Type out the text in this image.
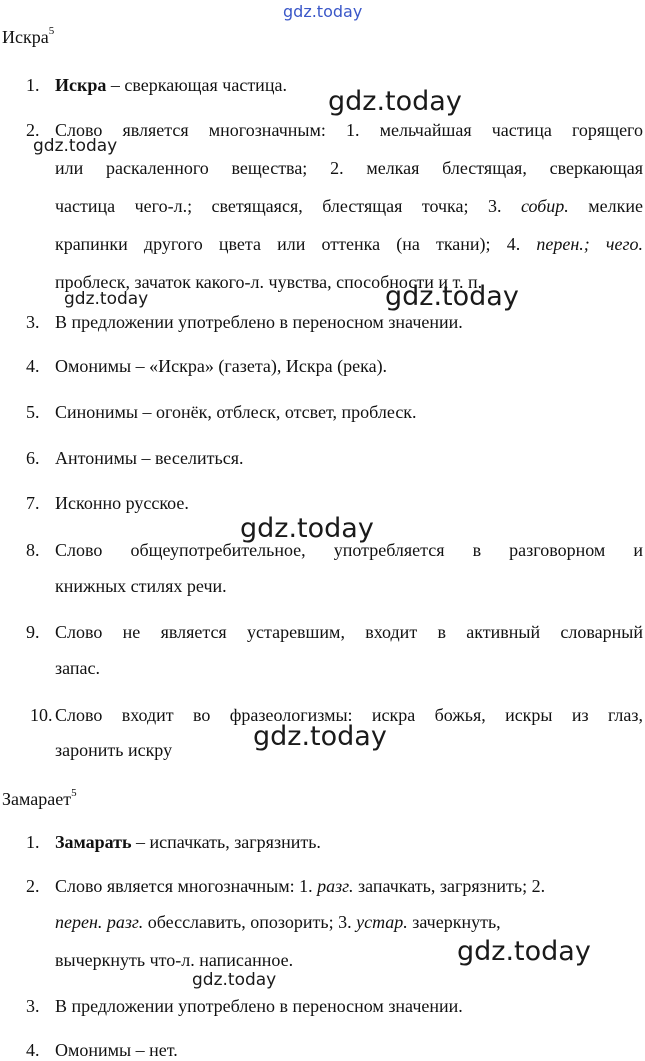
gdz.today
Искра$^5$
1. Искра – сверкающая частица.
2. Слово является многозначным: 1. мельчайшая частица горящего
или раскаленного вещества; 2. мелкая блестящая, сверкающая
частица чего-л.; светящаяся, блестящая точка; 3. собир. мелкие
крапинки другого цвета или оттенка (на ткани); 4. перен.; чего.
проблеск, зачаток какого-л. чувства, способности и т. п.
3. В предложении употреблено в переносном значении.
4. Омонимы – «Искра» (газета), Искра (река).
5. Синонимы – огонёк, отблеск, отсвет, проблеск.
6. Антонимы – веселиться.
7. Исконно русское.
8. Слово общеупотребительное, употребляется в разговорном и
книжных стилях речи.
9. Слово не является устаревшим, входит в активный словарный
запас.
10. Слово входит во фразеологизмы: искра божья, искры из глаз,
заронить искру
Замарает$^5$
1. Замарать – испачкать, загрязнить.
2. Слово является многозначным: 1. разг. запачкать, загрязнить; 2.
перен. разг. обесславить, опозорить; 3. устар. зачеркнуть,
вычеркнуть что-л. написанное.
3. В предложении употреблено в переносном значении.
4. Омонимы – нет.
gdz.today
gdz.today
gdz.today	gdz.today
gdz.today
gdz.today
gdz.today
gdz.today
